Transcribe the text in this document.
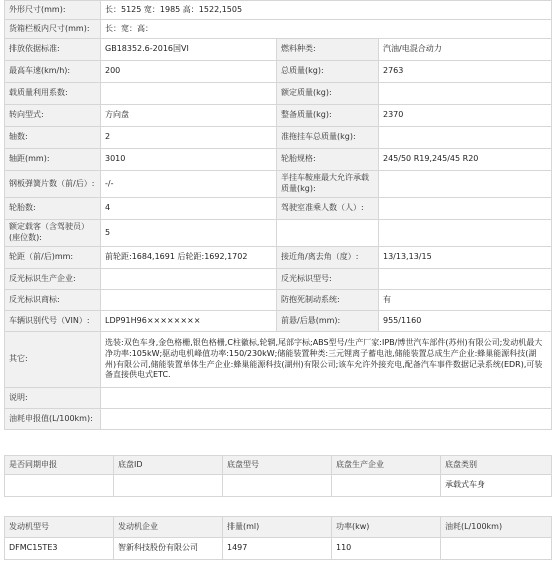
外形尺寸(mm):	长：5125 宽：1985 高：1522,1505		
货箱栏板内尺寸(mm):	长：宽：高：		
排放依据标准:	GB18352.6-2016国VI	燃料种类:	汽油/电混合动力
最高车速(km/h):	200	总质量(kg):	2763
载质量利用系数:		额定质量(kg):	
转向型式:	方向盘	整备质量(kg):	2370
轴数:	2	准拖挂车总质量(kg):	
轴距(mm):	3010	轮胎规格:	245/50 R19,245/45 R20
钢板弹簧片数（前/后）:	-/-	半挂车鞍座最大允许承载质量(kg):	
轮胎数:	4	驾驶室准乘人数（人）:	
额定载客（含驾驶员）(座位数):	5		
轮距（前/后)mm:	前轮距:1684,1691 后轮距:1692,1702	接近角/离去角（度）:	13/13,13/15
反光标识生产企业:		反光标识型号:	
反光标识商标:		防抱死制动系统:	有
车辆识别代号（VIN）:	LDP91H96××××××××	前悬/后悬(mm):	955/1160
其它:	选装:双色车身,金色格栅,银色格栅,C柱徽标,轮辋,尾部字标;ABS型号/生产厂家:IPB/博世汽车部件(苏州)有限公司;发动机最大净功率:105kW;驱动电机峰值功率:150/230kW;储能装置种类:三元锂离子蓄电池,储能装置总成生产企业:蜂巢能源科技(湖州)有限公司,储能装置单体生产企业:蜂巢能源科技(湖州)有限公司;该车允许外接充电,配备汽车事件数据记录系统(EDR),可装备直接供电式ETC.		
说明:			
油耗申报值(L/100km):			
是否同期申报	底盘ID	底盘型号	底盘生产企业	底盘类别
				承载式车身
发动机型号	发动机企业	排量(ml)	功率(kw)	油耗(L/100km)
DFMC15TE3	智新科技股份有限公司	1497	110	
